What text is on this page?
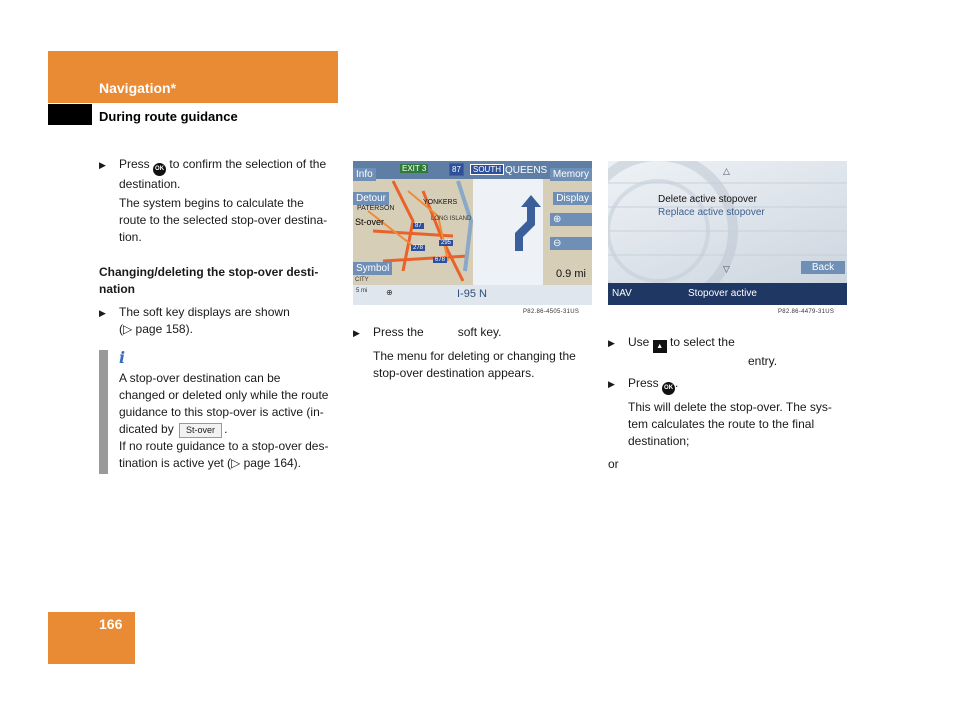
Navigation*
During route guidance
▶	Press OK to confirm the selection of the
destination.
The system begins to calculate the
route to the selected stop-over destina-
tion.
Changing/deleting the stop-over desti-
nation
▶	The soft key displays are shown
(▷ page 158).
i
A stop-over destination can be
changed or deleted only while the route
guidance to this stop-over is active (in-
dicated by St-over .
If no route guidance to a stop-over des-
tination is active yet (▷ page 164).
Info
EXIT 3	87	SOUTH QUEENS Memory
Detour	Display
PATERSON
YONKERS
LONG ISLAND
St-over	⊕
⊖
87
278
295
678
Symbol
CITY	0.9 mi
5 mi ⊕	I-95 N
P82.86-4505-31US
▶	Press the	soft key.
The menu for deleting or changing the
stop-over destination appears.
△
Delete active stopover
Replace active stopover
▽	Back
NAV	Stopover active
P82.86-4479-31US
▶	Use ▲ to select the
entry.
▶	Press OK .
This will delete the stop-over. The sys-
tem calculates the route to the final
destination;
or
166
